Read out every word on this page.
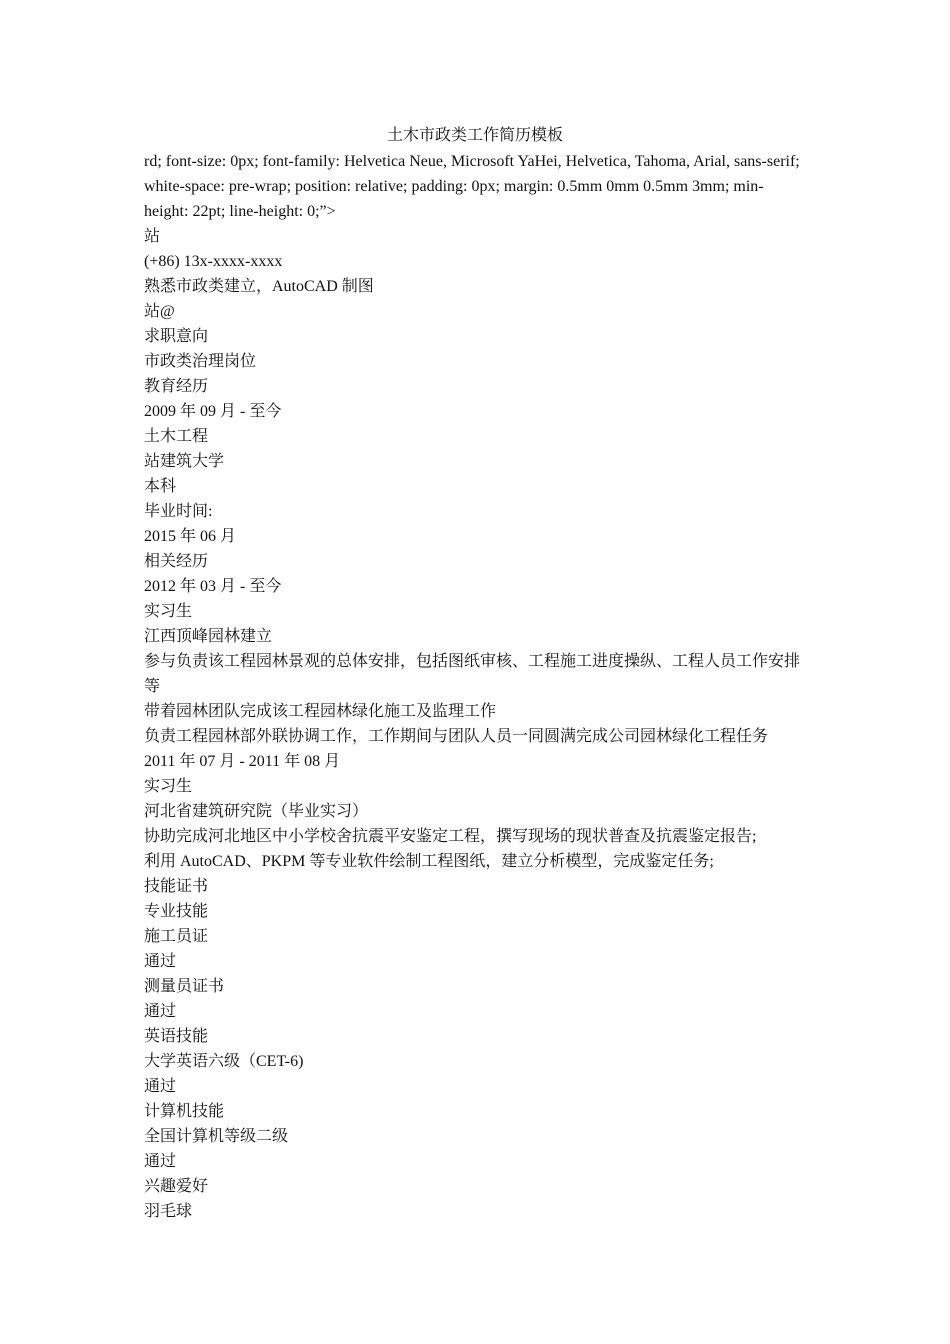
土木市政类工作简历模板

rd; font-size: 0px; font-family: Helvetica Neue, Microsoft YaHei, Helvetica, Tahoma, Arial, sans-serif; white-space: pre-wrap; position: relative; padding: 0px; margin: 0.5mm 0mm 0.5mm 3mm; min-height: 22pt; line-height: 0;”>

站

(+86) 13x-xxxx-xxxx

熟悉市政类建立，AutoCAD 制图

站@

求职意向

市政类治理岗位

教育经历

2009 年 09 月 - 至今

土木工程

站建筑大学

本科

毕业时间:

2015 年 06 月

相关经历

2012 年 03 月 - 至今

实习生

江西顶峰园林建立

参与负责该工程园林景观的总体安排，包括图纸审核、工程施工进度操纵、工程人员工作安排等

带着园林团队完成该工程园林绿化施工及监理工作

负责工程园林部外联协调工作，工作期间与团队人员一同圆满完成公司园林绿化工程任务

2011 年 07 月 - 2011 年 08 月

实习生

河北省建筑研究院（毕业实习）

协助完成河北地区中小学校舍抗震平安鉴定工程，撰写现场的现状普查及抗震鉴定报告;

利用 AutoCAD、PKPM 等专业软件绘制工程图纸，建立分析模型，完成鉴定任务;

技能证书

专业技能

施工员证

通过

测量员证书

通过

英语技能

大学英语六级（CET-6)

通过

计算机技能

全国计算机等级二级

通过

兴趣爱好

羽毛球
